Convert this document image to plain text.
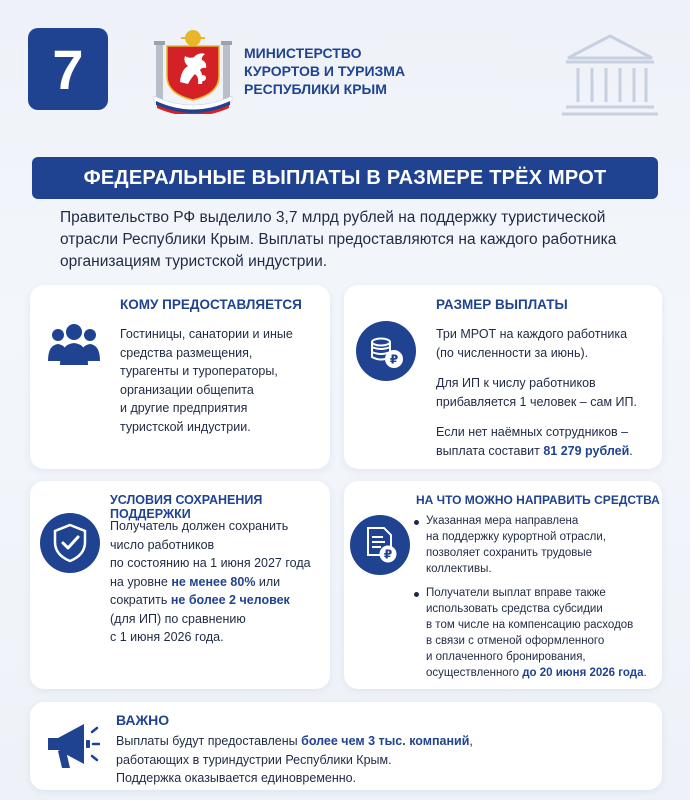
7	МИНИСТЕРСТВО
КУРОРТОВ И ТУРИЗМА
РЕСПУБЛИКИ КРЫМ
ФЕДЕРАЛЬНЫЕ ВЫПЛАТЫ В РАЗМЕРЕ ТРЁХ МРОТ
Правительство РФ выделило 3,7 млрд рублей на поддержку туристической отрасли Республики Крым. Выплаты предоставляются на каждого работника организациям туристской индустрии.
КОМУ ПРЕДОСТАВЛЯЕТСЯ

Гостиницы, санатории и иные

средства размещения,

турагенты и туроператоры,

организации общепита

и другие предприятия

туристской индустрии.

РАЗМЕР ВЫПЛАТЫ
₽

Три МРОТ на каждого работника

(по численности за июнь).

Для ИП к числу работников

прибавляется 1 человек – сам ИП.

Если нет наёмных сотрудников –

выплата составит 81 279 рублей.

УСЛОВИЯ СОХРАНЕНИЯ ПОДДЕРЖКИ

Получатель должен сохранить

число работников

по состоянию на 1 июня 2027 года

на уровне не менее 80% или

сократить не более 2 человек

(для ИП) по сравнению

с 1 июня 2026 года.

НА ЧТО МОЖНО НАПРАВИТЬ СРЕДСТВА
₽

Указанная мера направлена

на поддержку курортной отрасли,

позволяет сохранить трудовые

коллективы.

Получатели выплат вправе также

использовать средства субсидии

в том числе на компенсацию расходов

в связи с отменой оформленного

и оплаченного бронирования,

осуществленного до 20 июня 2026 года.

ВАЖНО

Выплаты будут предоставлены более чем 3 тыс. компаний,

работающих в туриндустрии Республики Крым.

Поддержка оказывается единовременно.
